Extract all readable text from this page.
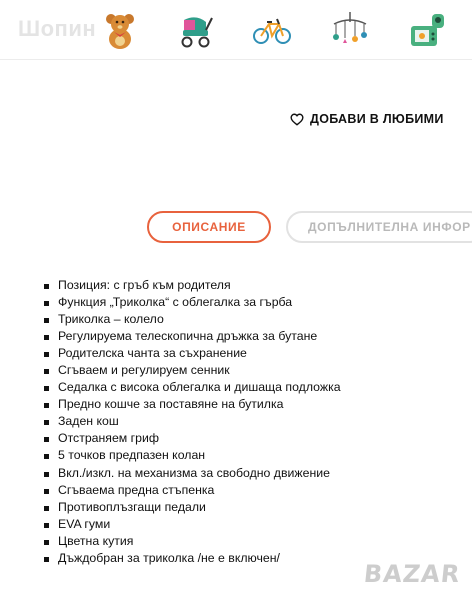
Шопин
ДОБАВИ В ЛЮБИМИ
ОПИСАНИЕ	ДОПЪЛНИТЕЛНА ИНФОР
Позиция: с гръб към родителя
Функция „Триколка“ с облегалка за гърба
Триколка – колело
Регулируема телескопична дръжка за бутане
Родителска чанта за съхранение
Сгъваем и регулируем сенник
Седалка с висока облегалка и дишаща подложка
Предно кошче за поставяне на бутилка
Заден кош
Отстраняем гриф
5 точков предпазен колан
Вкл./изкл. на механизма за свободно движение
Сгъваема предна стъпенка
Противоплъзгащи педали
EVA гуми
Цветна кутия
Дъждобран за триколка /не е включен/
BAZAR
